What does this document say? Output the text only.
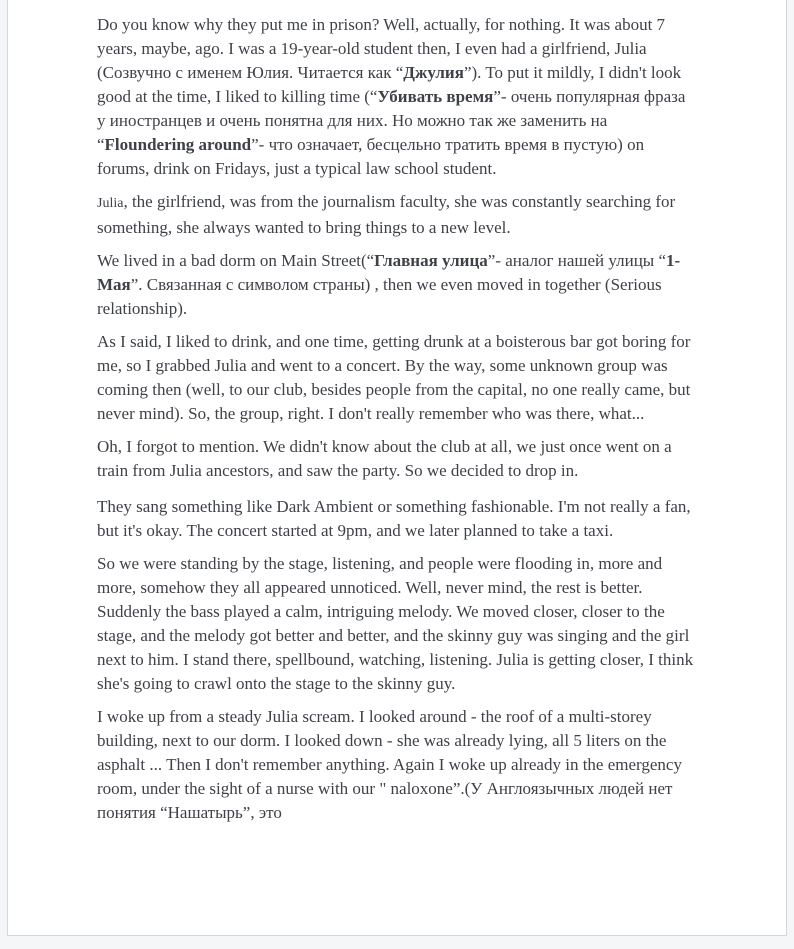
Do you know why they put me in prison? Well, actually, for nothing. It was about 7 years, maybe, ago. I was a 19-year-old student then, I even had a girlfriend, Julia (Созвучно с именем Юлия. Читается как “Джулия”). To put it mildly, I didn't look good at the time, I liked to killing time (“Убивать время”- очень популярная фраза у иностранцев и очень понятна для них. Но можно так же заменить на “Floundering around”- что означает, бесцельно тратить время в пустую) on forums, drink on Fridays, just a typical law school student.

Julia, the girlfriend, was from the journalism faculty, she was constantly searching for something, she always wanted to bring things to a new level.

We lived in a bad dorm on Main Street(“Главная улица”- аналог нашей улицы “1-Мая”. Связанная с символом страны) , then we even moved in together (Serious relationship).

As I said, I liked to drink, and one time, getting drunk at a boisterous bar got boring for me, so I grabbed Julia and went to a concert. By the way, some unknown group was coming then (well, to our club, besides people from the capital, no one really came, but never mind). So, the group, right. I don't really remember who was there, what...

Oh, I forgot to mention. We didn't know about the club at all, we just once went on a train from Julia ancestors, and saw the party. So we decided to drop in.

They sang something like Dark Ambient or something fashionable. I'm not really a fan, but it's okay. The concert started at 9pm, and we later planned to take a taxi.

So we were standing by the stage, listening, and people were flooding in, more and more, somehow they all appeared unnoticed. Well, never mind, the rest is better. Suddenly the bass played a calm, intriguing melody. We moved closer, closer to the stage, and the melody got better and better, and the skinny guy was singing and the girl next to him. I stand there, spellbound, watching, listening. Julia is getting closer, I think she's going to crawl onto the stage to the skinny guy.

I woke up from a steady Julia scream. I looked around - the roof of a multi-storey building, next to our dorm. I looked down - she was already lying, all 5 liters on the asphalt ... Then I don't remember anything. Again I woke up already in the emergency room, under the sight of a nurse with our " naloxone”.(У Англоязычных людей нет понятия “Нашатырь”, это
